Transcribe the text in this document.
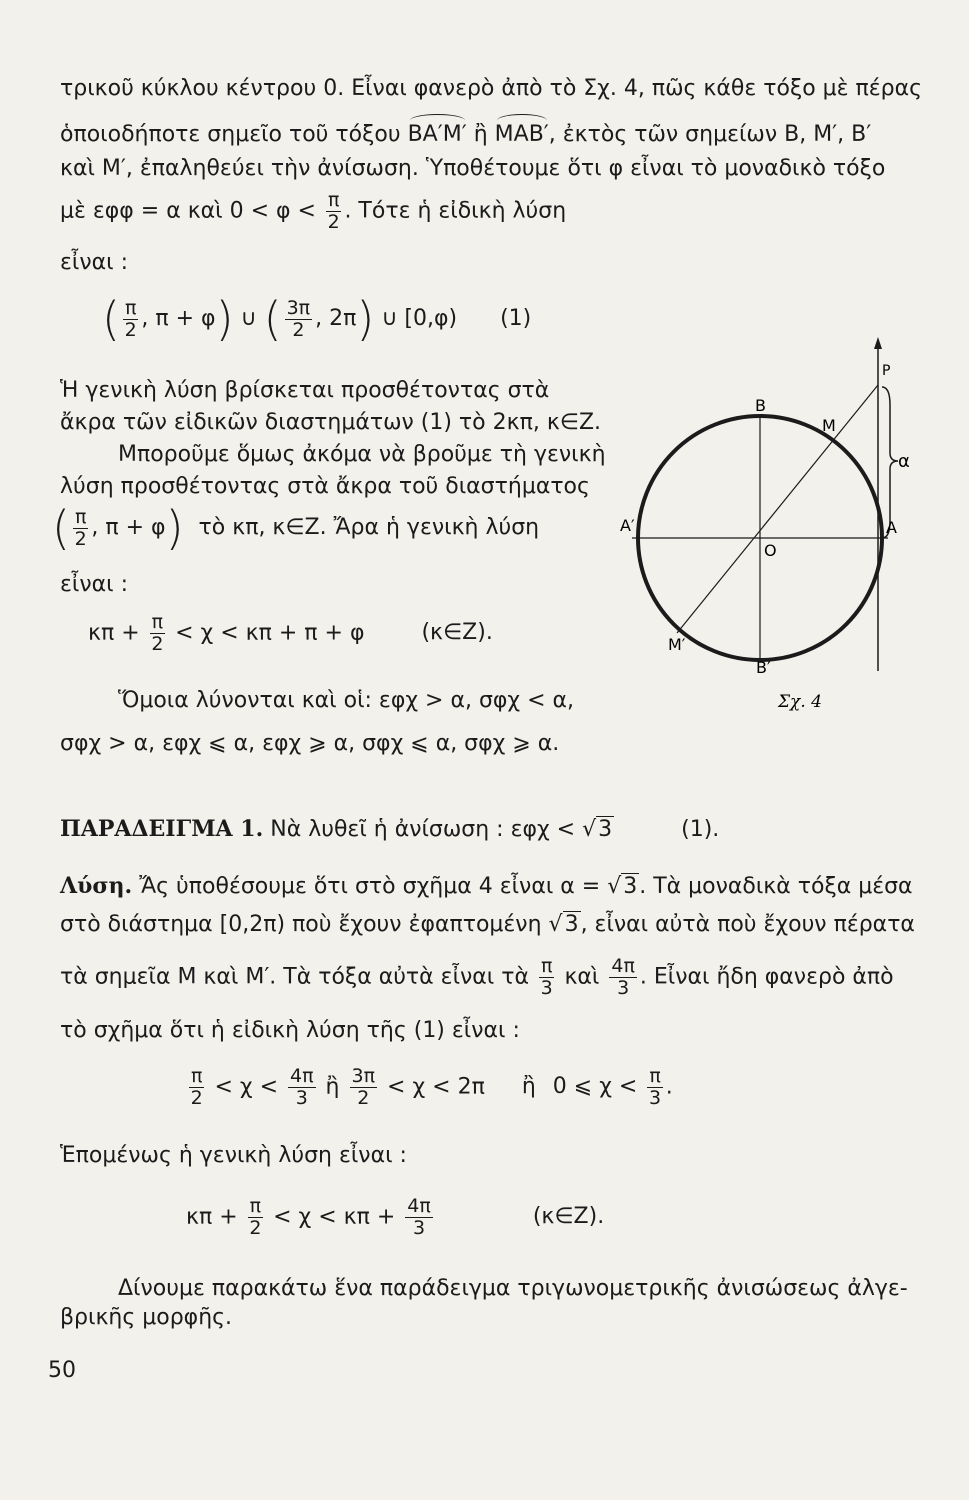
τρικοῦ κύκλου κέντρου 0. Εἶναι φανερὸ ἀπὸ τὸ Σχ. 4, πῶς κάθε τόξο μὲ πέρας
ὁποιοδήποτε σημεῖο τοῦ τόξου ΒΑ′Μ′ ἢ ΜΑΒ′, ἐκτὸς τῶν σημείων Β, Μ′, Β′
καὶ Μ′, ἐπαληθεύει τὴν ἀνίσωση. Ὑποθέτουμε ὅτι φ εἶναι τὸ μοναδικὸ τόξο
μὲ εφφ = α καὶ $0 < \varphi < \frac{\pi}{2}$ . Τότε ἡ εἰδικὴ λύση
εἶναι :
( $\frac{\pi}{2}$ , π + φ) ∪ ( $\frac{3\pi}{2}$ , 2π) ∪ [0,φ) (1)
Ἡ γενικὴ λύση βρίσκεται προσθέτοντας στὰ
ἄκρα τῶν εἰδικῶν διαστημάτων (1) τὸ 2κπ, κ∈Z.
Μποροῦμε ὅμως ἀκόμα νὰ βροῦμε τὴ γενικὴ
λύση προσθέτοντας στὰ ἄκρα τοῦ διαστήματος
( $\frac{\pi}{2}$ , π + φ) τὸ κπ, κ∈Z. Ἄρα ἡ γενικὴ λύση
εἶναι :
$\kappa\pi + \frac{\pi}{2} < \chi < \kappa\pi + \pi + \varphi$	(κ∈Z).
Ὅμοια λύνονται καὶ οἱ: εφχ > α, σφχ < α,
σφχ > α, εφχ ⩽ α, εφχ ⩾ α, σφχ ⩽ α, σφχ ⩾ α.
ΠΑΡΑΔΕΙΓΜΑ 1. Νὰ λυθεῖ ἡ ἀνίσωση : εφχ < √3	(1).
Λύση. Ἄς ὑποθέσουμε ὅτι στὸ σχῆμα 4 εἶναι α = √3. Τὰ μοναδικὰ τόξα μέσα
στὸ διάστημα [0,2π) ποὺ ἔχουν ἐφαπτομένη √3, εἶναι αὐτὰ ποὺ ἔχουν πέρατα
τὰ σημεῖα Μ καὶ Μ′. Τὰ τόξα αὐτὰ εἶναι τὰ $\frac{\pi}{3}$ καὶ $\frac{4\pi}{3}$ . Εἶναι ἤδη φανερὸ ἀπὸ
τὸ σχῆμα ὅτι ἡ εἰδικὴ λύση τῆς (1) εἶναι :
$\frac{\pi}{2} < \chi < \frac{4\pi}{3}$ ἢ $\frac{3\pi}{2} < \chi < 2\pi$ ἢ 0 ⩽ $\chi < \frac{\pi}{3}$ .
Ἑπομένως ἡ γενικὴ λύση εἶναι :
$\kappa\pi + \frac{\pi}{2} < \chi < \kappa\pi + \frac{4\pi}{3}$	(κ∈Z).
Δίνουμε παρακάτω ἕνα παράδειγμα τριγωνομετρικῆς ἀνισώσεως ἀλγε-
βρικῆς μορφῆς.
50
B
M
P
α
A′
O
A
M′
B′
Σχ. 4
